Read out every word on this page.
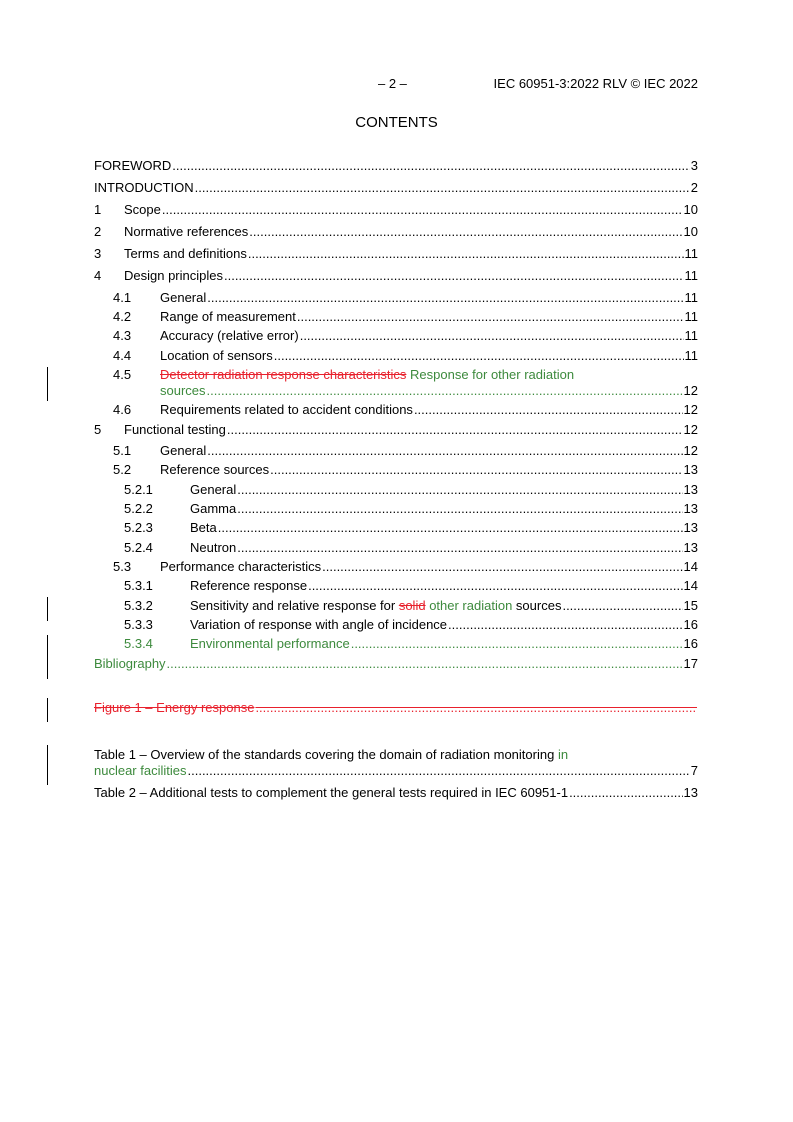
– 2 –	IEC 60951-3:2022 RLV © IEC 2022
CONTENTS
FOREWORD .....	3
INTRODUCTION .....	2
1	Scope .....	10
2	Normative references .....	10
3	Terms and definitions .....	11
4	Design principles .....	11
4.1	General .....	11
4.2	Range of measurement .....	11
4.3	Accuracy (relative error) .....	11
4.4	Location of sensors .....	11
4.5	Detector radiation response characteristics Response for other radiation
sources .....	12
4.6	Requirements related to accident conditions .....	12
5	Functional testing .....	12
5.1	General .....	12
5.2	Reference sources .....	13
5.2.1	General .....	13
5.2.2	Gamma .....	13
5.2.3	Beta .....	13
5.2.4	Neutron .....	13
5.3	Performance characteristics .....	14
5.3.1	Reference response .....	14
5.3.2	Sensitivity and relative response for solid other radiation sources .....	15
5.3.3	Variation of response with angle of incidence .....	16
5.3.4	Environmental performance .....	16
Bibliography .....	17
Figure 1 – Energy response
.....
Table 1 – Overview of the standards covering the domain of radiation monitoring in
nuclear facilities .....	7
Table 2 – Additional tests to complement the general tests required in IEC 60951-1 .....	13
